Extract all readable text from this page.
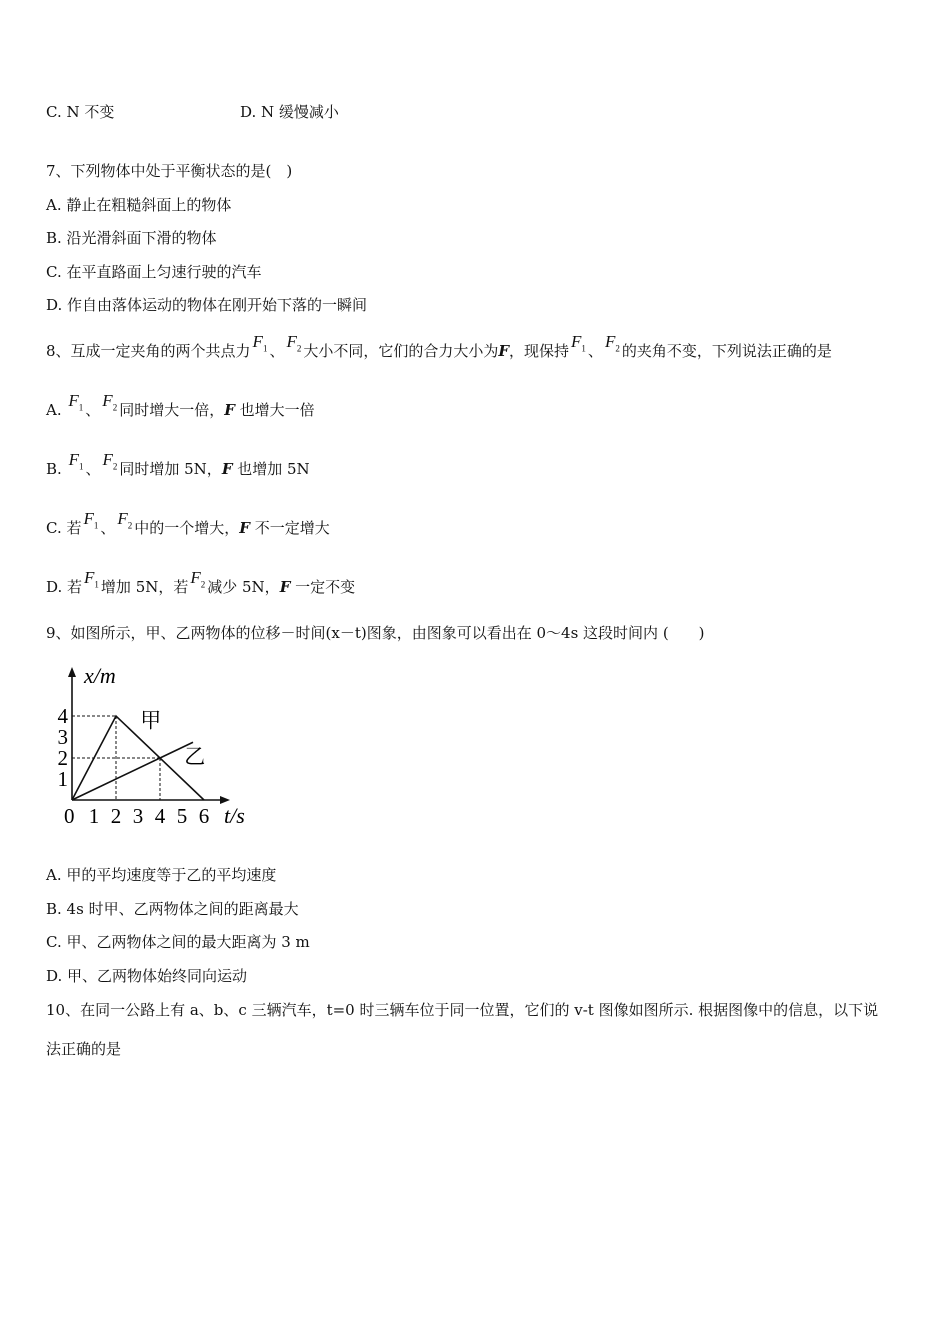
C. N 不变	D. N 缓慢减小
7、下列物体中处于平衡状态的是(　)
A. 静止在粗糙斜面上的物体
B. 沿光滑斜面下滑的物体
C. 在平直路面上匀速行驶的汽车
D. 作自由落体运动的物体在刚开始下落的一瞬间
8、互成一定夹角的两个共点力 $F_1$ 、 $F_2$ 大小不同，它们的合力大小为F，现保持 $F_1$ 、 $F_2$ 的夹角不变，下列说法正确的是
A. $F_1$ 、 $F_2$ 同时增大一倍，F 也增大一倍
B. $F_1$ 、 $F_2$ 同时增加 5N，F 也增加 5N
C. 若 $F_1$ 、 $F_2$ 中的一个增大，F 不一定增大
D. 若 $F_1$ 增加 5N，若 $F_2$ 减少 5N，F 一定不变
9、如图所示，甲、乙两物体的位移－时间(x－t)图象，由图象可以看出在 0～4s 这段时间内 (　　)
x/m
t/s
0 1 2 3 4 5 6
1
2
3
4	甲
乙
A. 甲的平均速度等于乙的平均速度
B. 4s 时甲、乙两物体之间的距离最大
C. 甲、乙两物体之间的最大距离为 3 m
D. 甲、乙两物体始终同向运动
10、在同一公路上有 a、b、c 三辆汽车，t=0 时三辆车位于同一位置，它们的 v-t 图像如图所示. 根据图像中的信息，以下说
法正确的是
